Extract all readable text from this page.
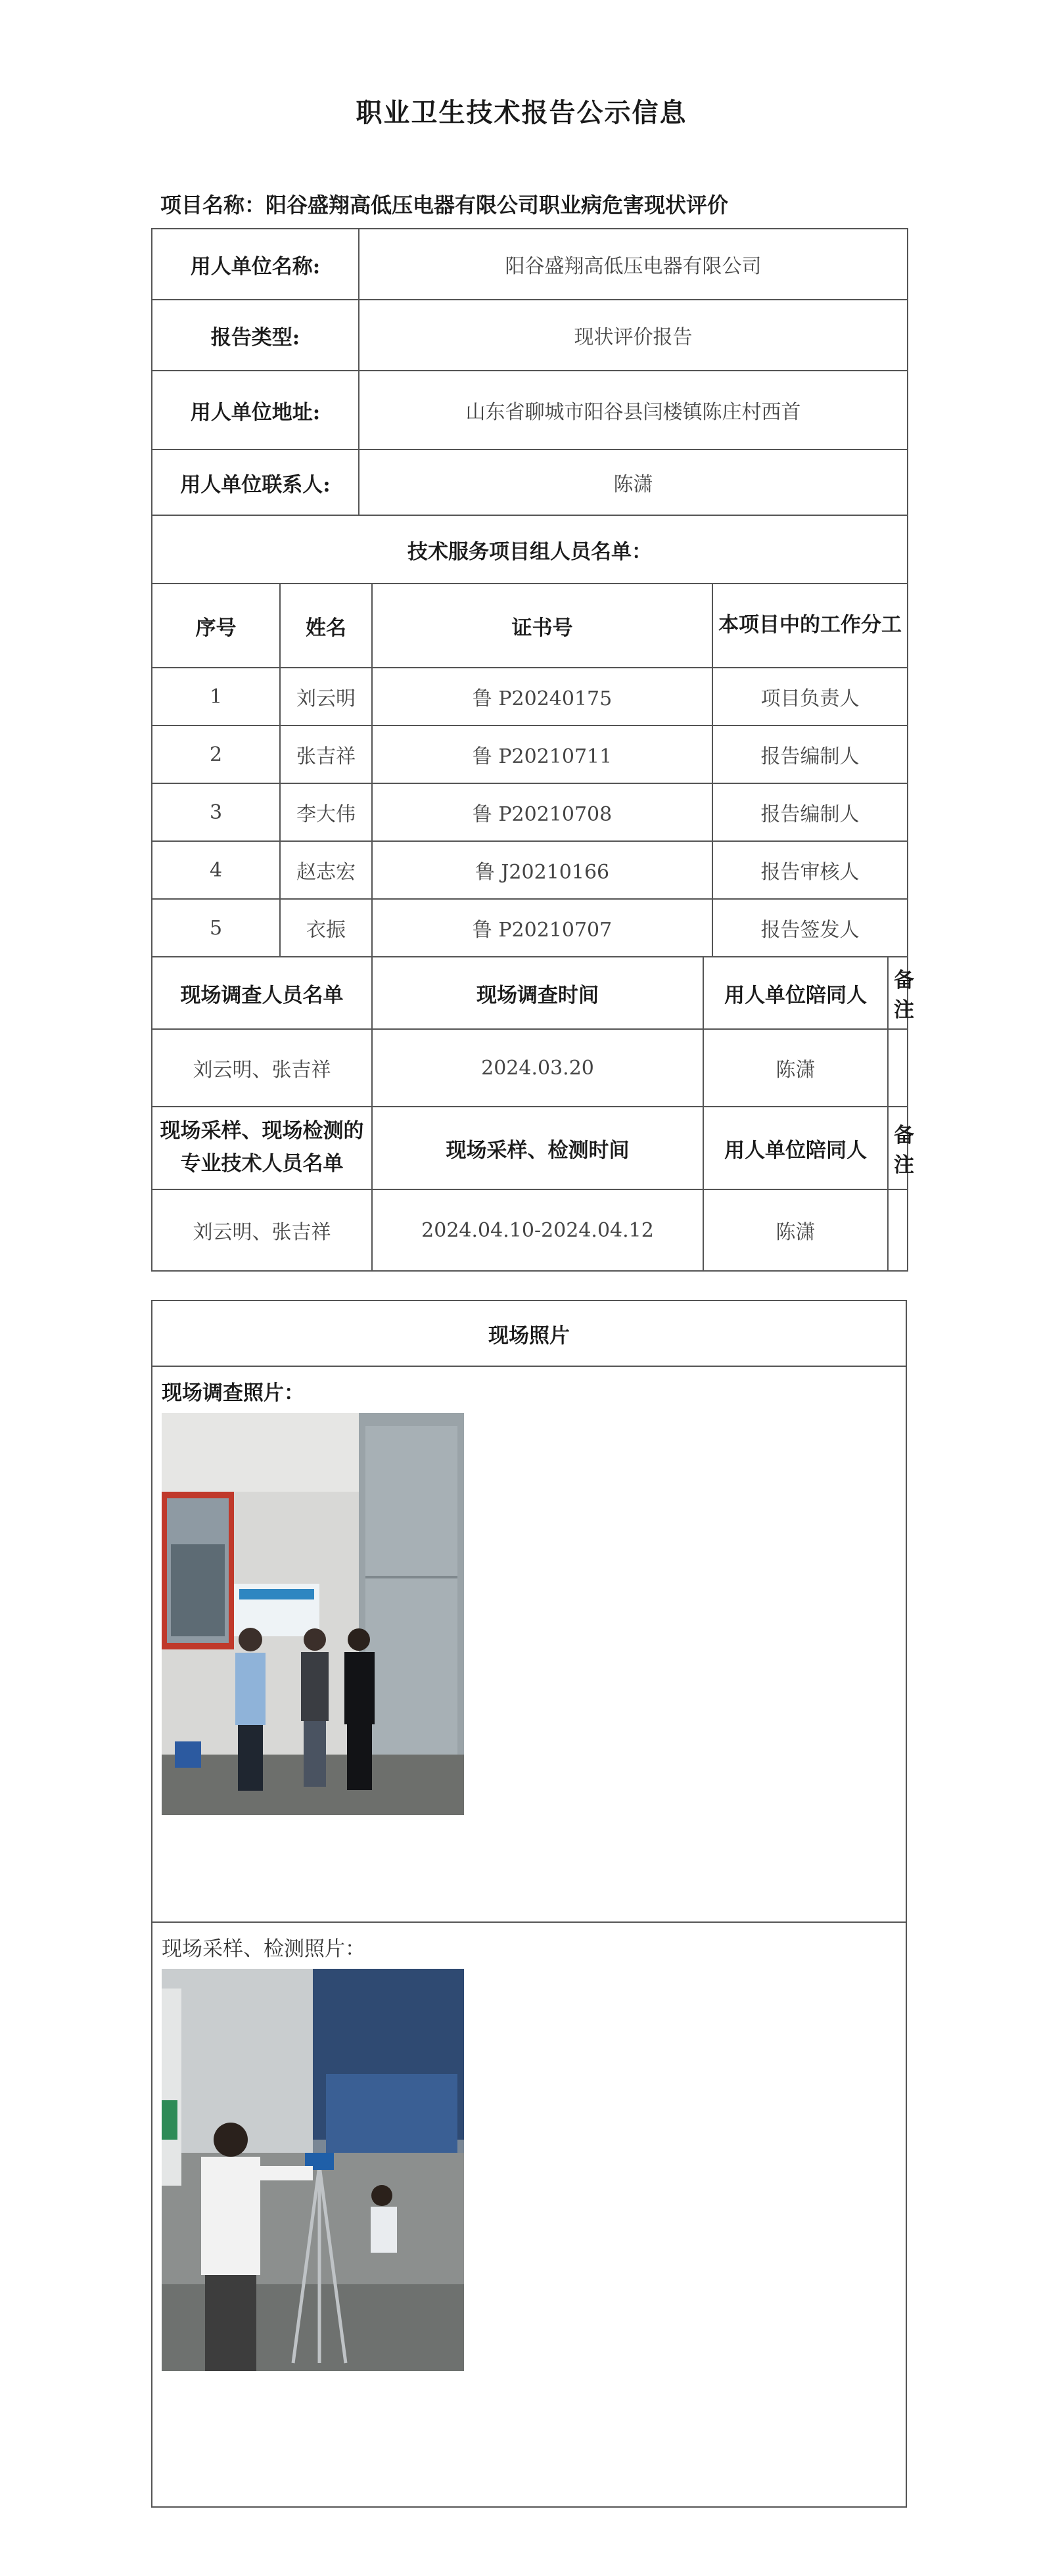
职业卫生技术报告公示信息
项目名称：阳谷盛翔高低压电器有限公司职业病危害现状评价
用人单位名称:		阳谷盛翔高低压电器有限公司				
报告类型:		现状评价报告				
用人单位地址:		山东省聊城市阳谷县闫楼镇陈庄村西首				
用人单位联系人:		陈潇				
技术服务项目组人员名单：						
序号	姓名		证书号		本项目中的工作分工	
1	刘云明		鲁 P20240175		项目负责人	
2	张吉祥		鲁 P20210711		报告编制人	
3	李大伟		鲁 P20210708		报告编制人	
4	赵志宏		鲁 J20210166		报告审核人	
5	衣振		鲁 P20210707		报告签发人	
现场调查人员名单			现场调查时间	用人单位陪同人		备注
刘云明、张吉祥			2024.03.20	陈潇		
现场采样、现场检测的专业技术人员名单			现场采样、检测时间	用人单位陪同人		备注
刘云明、张吉祥			2024.04.10-2024.04.12	陈潇		
现场照片

现场调查照片：

现场采样、检测照片：
